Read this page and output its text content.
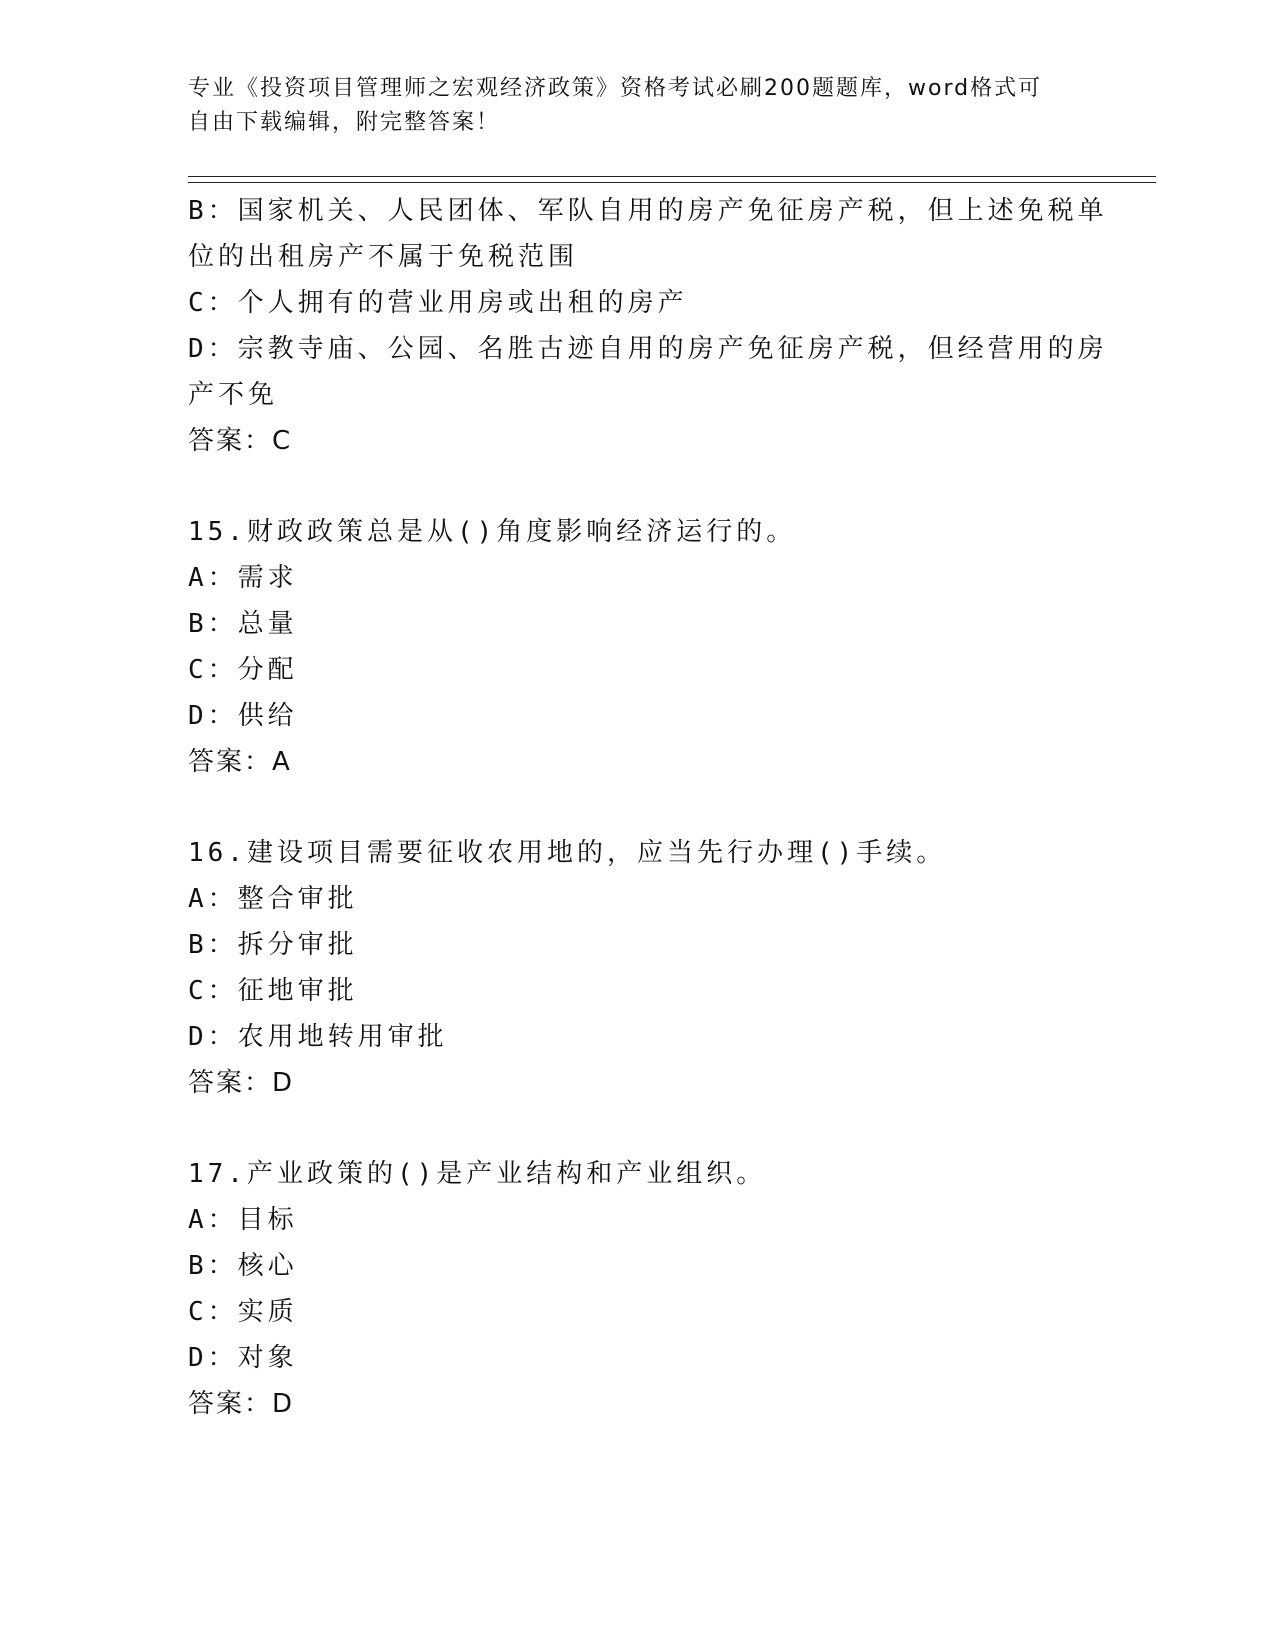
专业《投资项目管理师之宏观经济政策》资格考试必刷200题题库，word格式可
自由下载编辑，附完整答案！
B：国家机关、人民团体、军队自用的房产免征房产税，但上述免税单
位的出租房产不属于免税范围
C：个人拥有的营业用房或出租的房产
D：宗教寺庙、公园、名胜古迹自用的房产免征房产税，但经营用的房
产不免
答案：C
15.财政政策总是从()角度影响经济运行的。
A：需求
B：总量
C：分配
D：供给
答案：A
16.建设项目需要征收农用地的，应当先行办理()手续。
A：整合审批
B：拆分审批
C：征地审批
D：农用地转用审批
答案：D
17.产业政策的()是产业结构和产业组织。
A：目标
B：核心
C：实质
D：对象
答案：D
